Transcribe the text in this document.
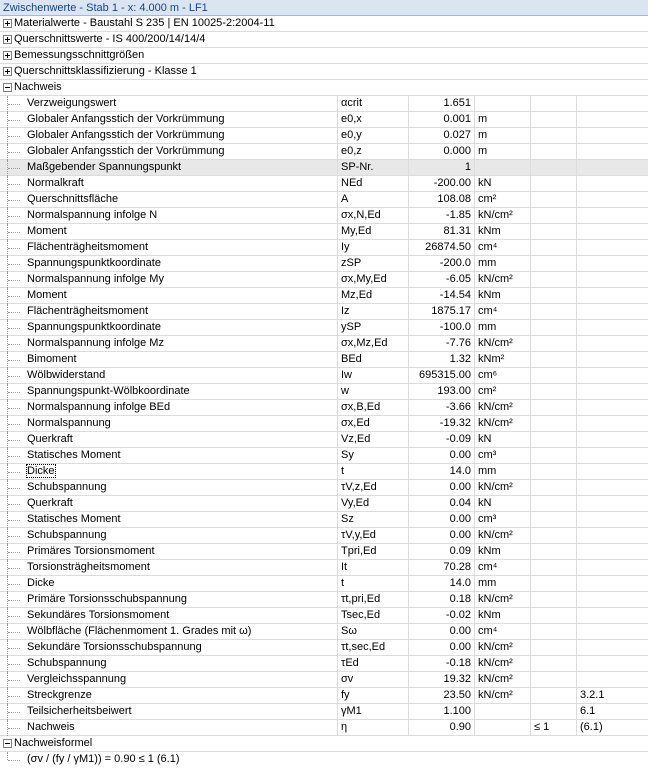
Zwischenwerte - Stab 1 - x: 4.000 m - LF1
Materialwerte - Baustahl S 235 | EN 10025-2:2004-11
Querschnittswerte - IS 400/200/14/14/4
Bemessungsschnittgrößen
Querschnittsklassifizierung - Klasse 1
Nachweis
Verzweigungswert	αcrit	1.651
Globaler Anfangsstich der Vorkrümmung	e0,x	0.001 m
Globaler Anfangsstich der Vorkrümmung	e0,y	0.027 m
Globaler Anfangsstich der Vorkrümmung	e0,z	0.000 m
Maßgebender Spannungspunkt	SP-Nr.	1
Normalkraft	NEd	-200.00 kN
Querschnittsfläche	A	108.08 cm²
Normalspannung infolge N	σx,N,Ed	-1.85 kN/cm²
Moment	My,Ed	81.31 kNm
Flächenträgheitsmoment	Iy	26874.50 cm⁴
Spannungspunktkoordinate	zSP	-200.0 mm
Normalspannung infolge My	σx,My,Ed	-6.05 kN/cm²
Moment	Mz,Ed	-14.54 kNm
Flächenträgheitsmoment	Iz	1875.17 cm⁴
Spannungspunktkoordinate	ySP	-100.0 mm
Normalspannung infolge Mz	σx,Mz,Ed	-7.76 kN/cm²
Bimoment	BEd	1.32 kNm²
Wölbwiderstand	Iw	695315.00 cm⁶
Spannungspunkt-Wölbkoordinate	w	193.00 cm²
Normalspannung infolge BEd	σx,B,Ed	-3.66 kN/cm²
Normalspannung	σx,Ed	-19.32 kN/cm²
Querkraft	Vz,Ed	-0.09 kN
Statisches Moment	Sy	0.00 cm³
Dicke	t	14.0 mm
Schubspannung	τV,z,Ed	0.00 kN/cm²
Querkraft	Vy,Ed	0.04 kN
Statisches Moment	Sz	0.00 cm³
Schubspannung	τV,y,Ed	0.00 kN/cm²
Primäres Torsionsmoment	Tpri,Ed	0.09 kNm
Torsionsträgheitsmoment	It	70.28 cm⁴
Dicke	t	14.0 mm
Primäre Torsionsschubspannung	τt,pri,Ed	0.18 kN/cm²
Sekundäres Torsionsmoment	Tsec,Ed	-0.02 kNm
Wölbfläche (Flächenmoment 1. Grades mit ω)	Sω	0.00 cm⁴
Sekundäre Torsionsschubspannung	τt,sec,Ed	0.00 kN/cm²
Schubspannung	τEd	-0.18 kN/cm²
Vergleichsspannung	σv	19.32 kN/cm²
Streckgrenze	fy	23.50 kN/cm²	3.2.1
Teilsicherheitsbeiwert	γM1	1.100	6.1
Nachweis	η	0.90	≤ 1	(6.1)
Nachweisformel
(σv / (fy / γM1)) = 0.90 ≤ 1 (6.1)
